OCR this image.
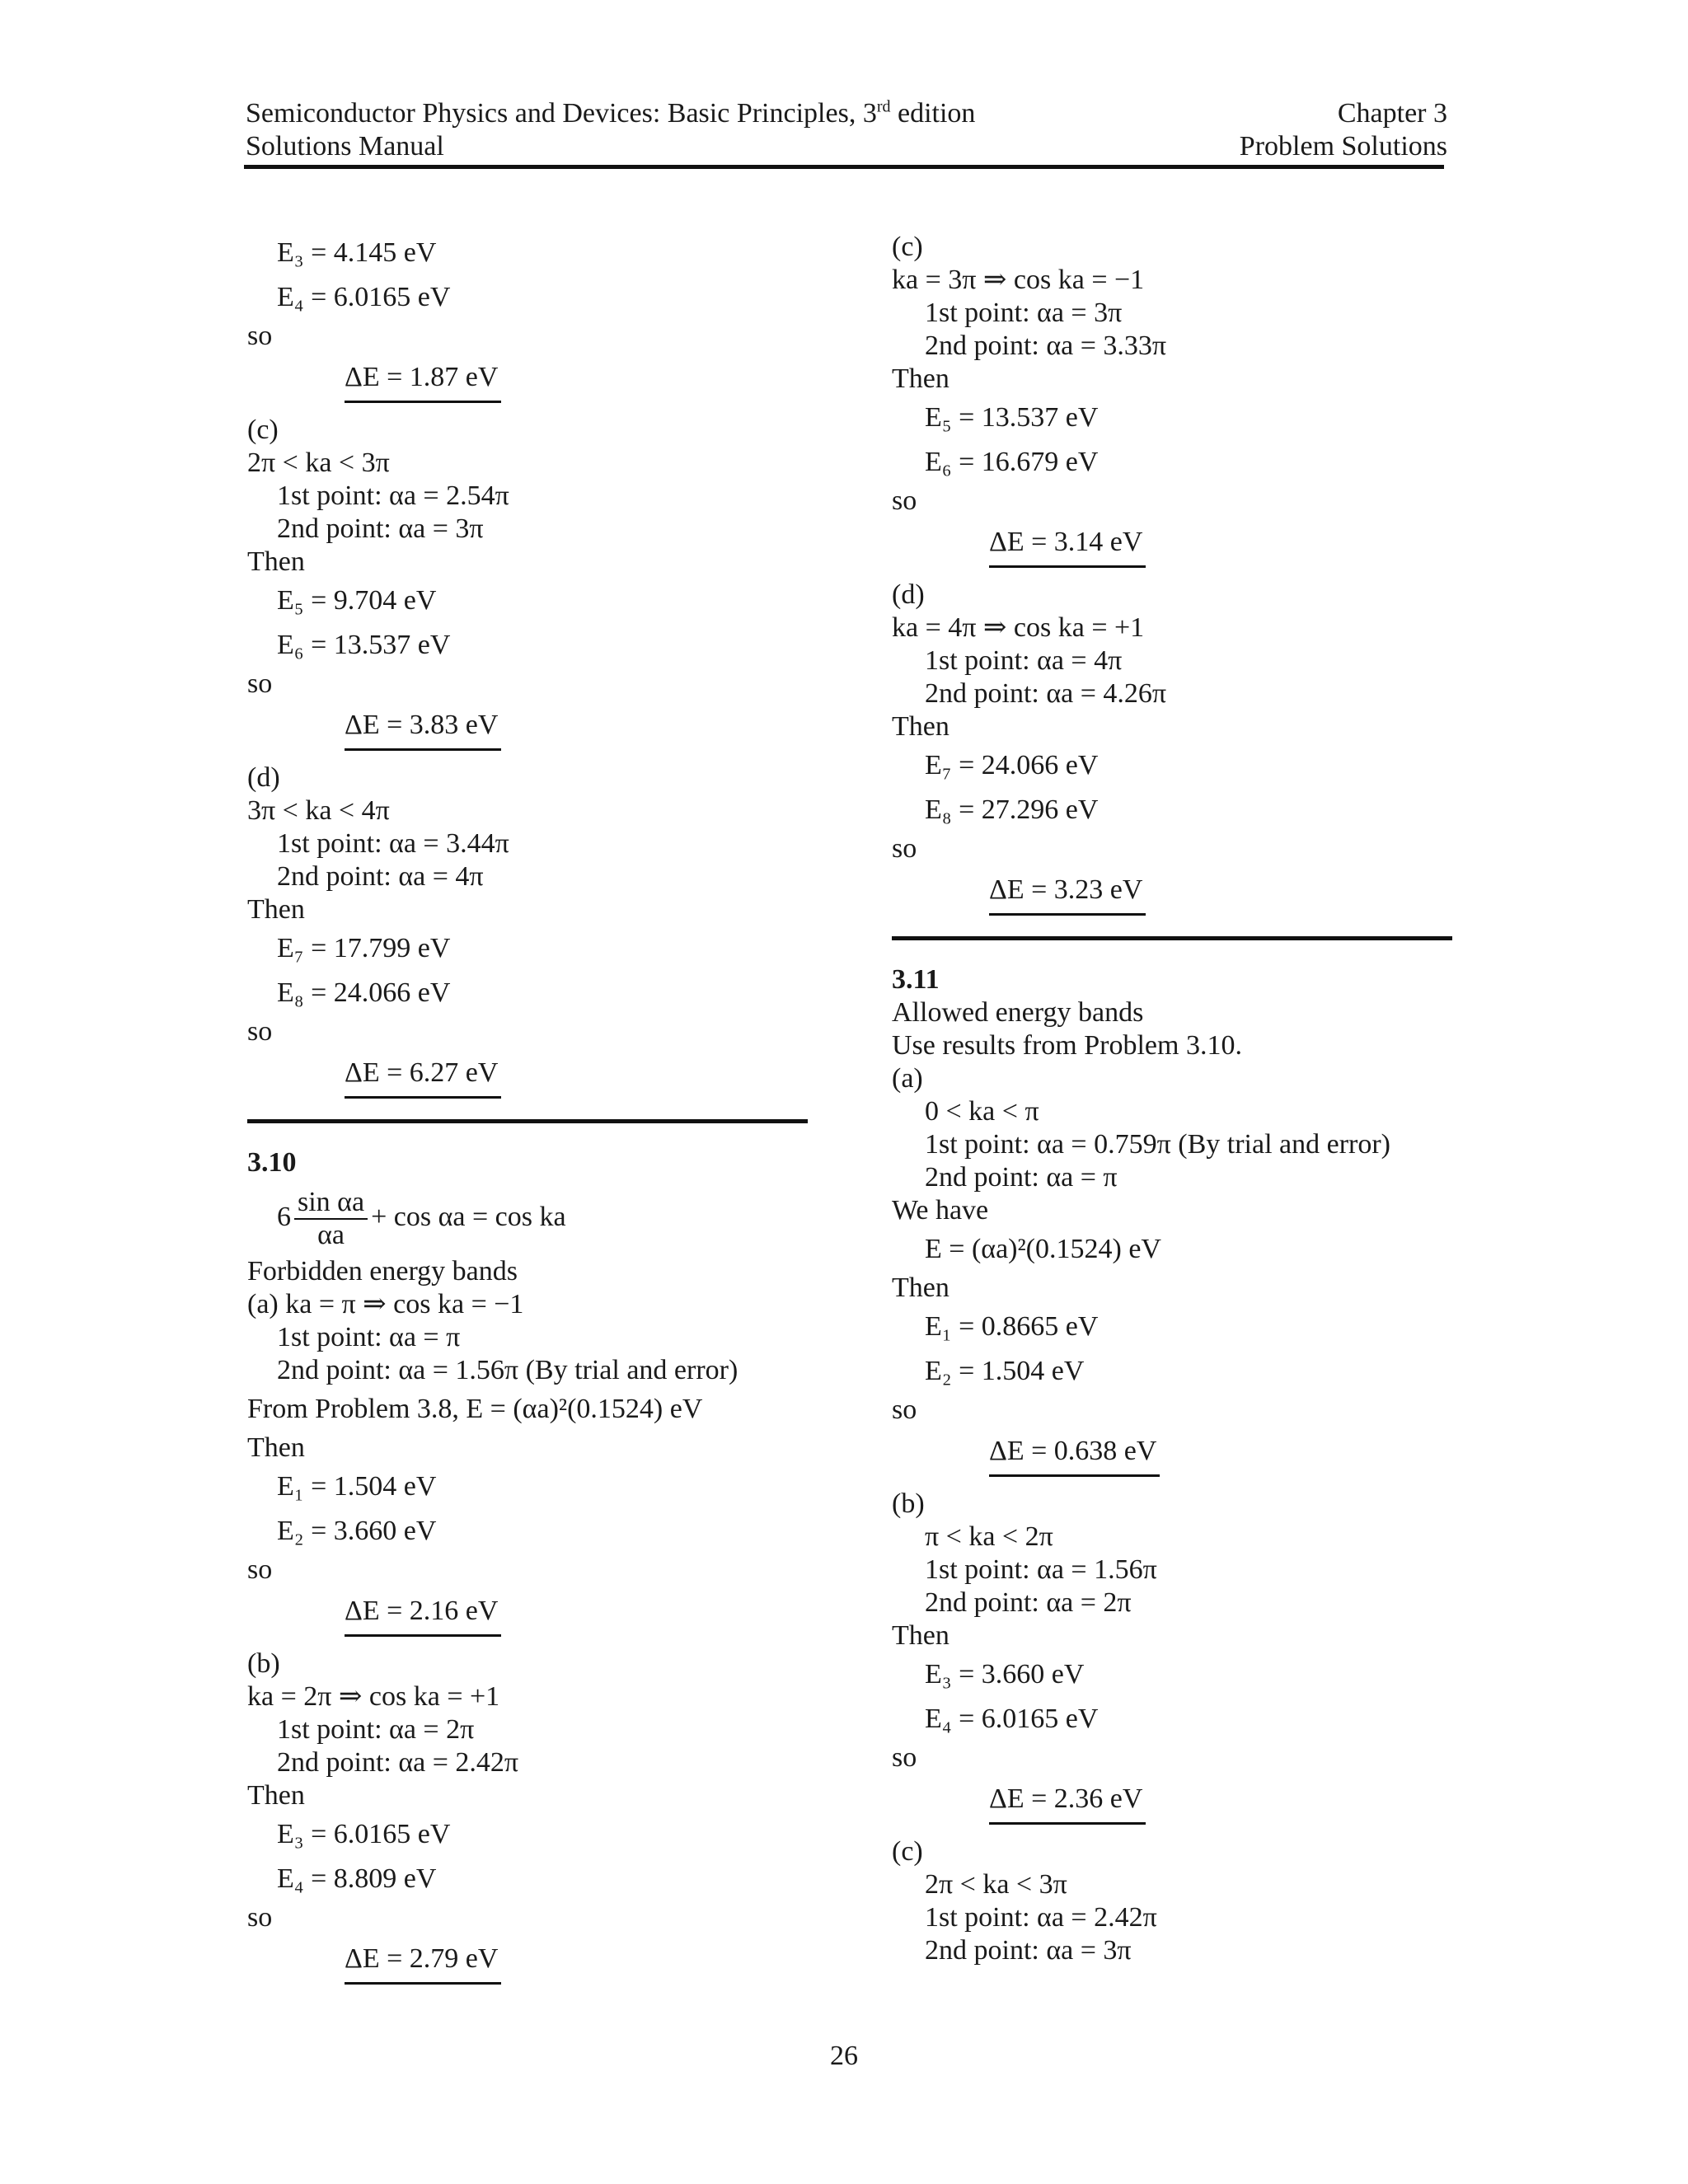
Semiconductor Physics and Devices: Basic Principles, 3rd edition
Solutions Manual
Chapter 3
Problem Solutions
E₃ = 4.145 eV
E₄ = 6.0165 eV
so
ΔE = 1.87 eV
(c)
2π < ka < 3π
1st point: αa = 2.54π
2nd point: αa = 3π
Then
E₅ = 9.704 eV
E₆ = 13.537 eV
so
ΔE = 3.83 eV
(d)
3π < ka < 4π
1st point: αa = 3.44π
2nd point: αa = 4π
Then
E₇ = 17.799 eV
E₈ = 24.066 eV
so
ΔE = 6.27 eV
3.10
$6 \frac{\text{sin αa}}{\alpha a} + \cos \alpha a = \cos$ ka
Forbidden energy bands
(a) ka = π ⇒ cos ka = −1
1st point: αa = π
2nd point: αa = 1.56π (By trial and error)
From Problem 3.8, E = (αa)²(0.1524) eV
Then
E₁ = 1.504 eV
E₂ = 3.660 eV
so
ΔE = 2.16 eV
(b)
ka = 2π ⇒ cos ka = +1
1st point: αa = 2π
2nd point: αa = 2.42π
Then
E₃ = 6.0165 eV
E₄ = 8.809 eV
so
ΔE = 2.79 eV
(c)
ka = 3π ⇒ cos ka = −1
1st point: αa = 3π
2nd point: αa = 3.33π
Then
E₅ = 13.537 eV
E₆ = 16.679 eV
so
ΔE = 3.14 eV
(d)
ka = 4π ⇒ cos ka = +1
1st point: αa = 4π
2nd point: αa = 4.26π
Then
E₇ = 24.066 eV
E₈ = 27.296 eV
so
ΔE = 3.23 eV
3.11
Allowed energy bands
Use results from Problem 3.10.
(a)
0 < ka < π
1st point: αa = 0.759π (By trial and error)
2nd point: αa = π
We have
E = (αa)²(0.1524) eV
Then
E₁ = 0.8665 eV
E₂ = 1.504 eV
so
ΔE = 0.638 eV
(b)
π < ka < 2π
1st point: αa = 1.56π
2nd point: αa = 2π
Then
E₃ = 3.660 eV
E₄ = 6.0165 eV
so
ΔE = 2.36 eV
(c)
2π < ka < 3π
1st point: αa = 2.42π
2nd point: αa = 3π
26
